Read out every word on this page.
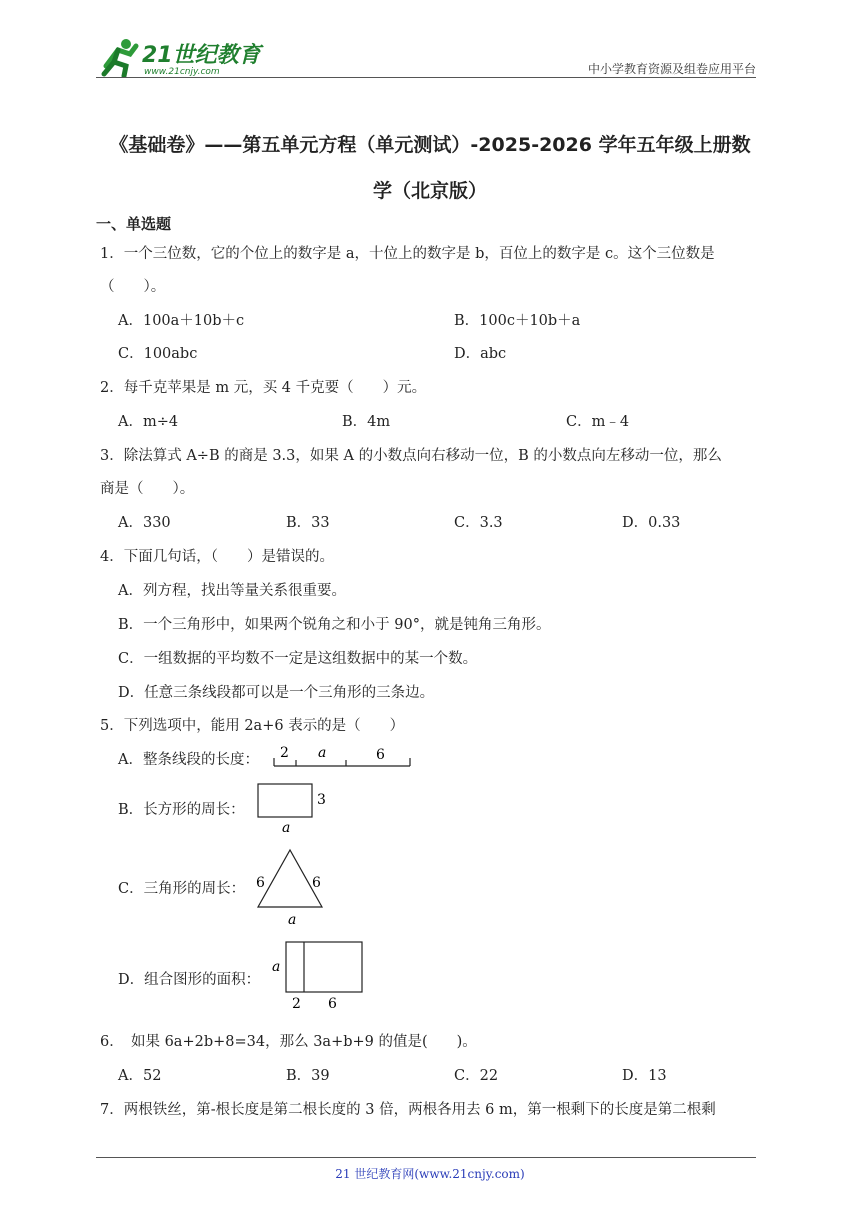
21世纪教育
www.21cnjy.com	中小学教育资源及组卷应用平台
《基础卷》——第五单元方程（单元测试）-2025-2026 学年五年级上册数
学（北京版）
一、单选题
1．一个三位数，它的个位上的数字是 a，十位上的数字是 b，百位上的数字是 c。这个三位数是
（　　）。
A．100a＋10b＋c	B．100c＋10b＋a
C．100abc	D．abc
2．每千克苹果是 m 元，买 4 千克要（　　）元。
A．m÷4	B．4m	C．m﹣4
3．除法算式 A÷B 的商是 3.3，如果 A 的小数点向右移动一位，B 的小数点向左移动一位，那么
商是（　　）。
A．330	B．33	C．3.3	D．0.33
4．下面几句话，（　　）是错误的。
A．列方程，找出等量关系很重要。
B．一个三角形中，如果两个锐角之和小于 90°，就是钝角三角形。
C．一组数据的平均数不一定是这组数据中的某一个数。
D．任意三条线段都可以是一个三角形的三条边。
5．下列选项中，能用 2a+6 表示的是（　　）
A．整条线段的长度： 2 a	6
B．长方形的周长：
3
a
C．三角形的周长： 6	6
a
D．组合图形的面积：
a
2 6
6．　如果 6a+2b+8=34，那么 3a+b+9 的值是(　　)。
A．52	B．39	C．22	D．13
7．两根铁丝，第-根长度是第二根长度的 3 倍，两根各用去 6 m，第一根剩下的长度是第二根剩
21 世纪教育网(www.21cnjy.com)
